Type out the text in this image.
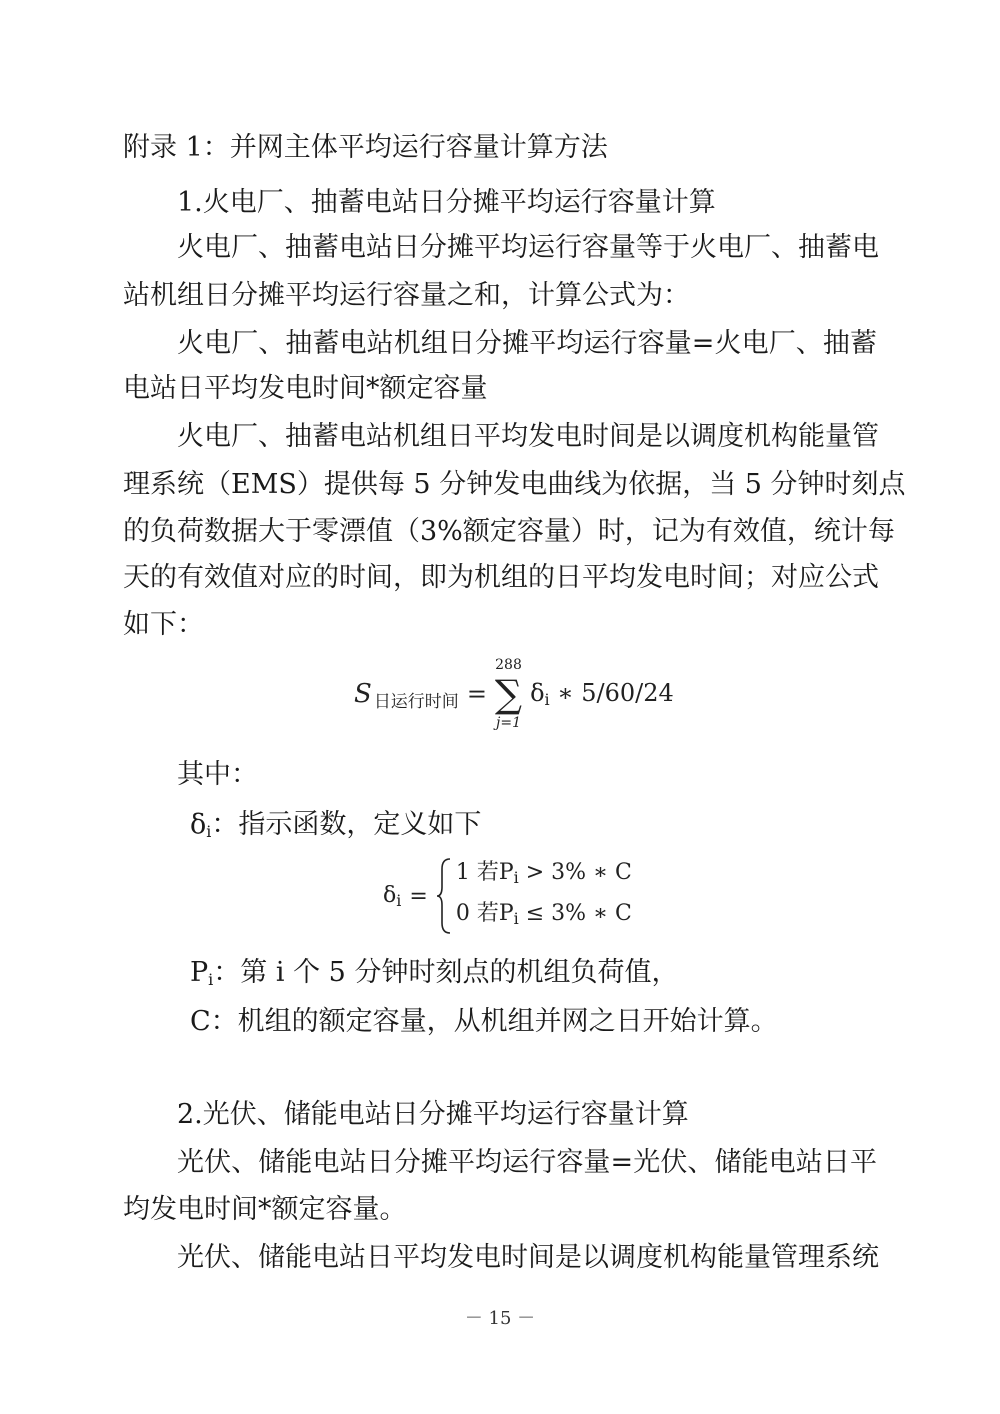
附录 1：并网主体平均运行容量计算方法
1.火电厂、抽蓄电站日分摊平均运行容量计算
火电厂、抽蓄电站日分摊平均运行容量等于火电厂、抽蓄电
站机组日分摊平均运行容量之和，计算公式为：
火电厂、抽蓄电站机组日分摊平均运行容量=火电厂、抽蓄
电站日平均发电时间*额定容量
火电厂、抽蓄电站机组日平均发电时间是以调度机构能量管
理系统（EMS）提供每 5 分钟发电曲线为依据，当 5 分钟时刻点
的负荷数据大于零漂值（3%额定容量）时，记为有效值，统计每
天的有效值对应的时间，即为机组的日平均发电时间；对应公式
如下：
S 日运行时间 =
288
∑
j=1
$\delta_i$ ∗ 5/60/24
其中：
$\delta_i$：指示函数，定义如下
$\delta_i$ =
1 若$P_i > 3\%$ ∗ C
0 若$P_i \le 3\%$ ∗ C
$P_i$：第 i 个 5 分钟时刻点的机组负荷值，
C：机组的额定容量，从机组并网之日开始计算。
2.光伏、储能电站日分摊平均运行容量计算
光伏、储能电站日分摊平均运行容量=光伏、储能电站日平
均发电时间*额定容量。
光伏、储能电站日平均发电时间是以调度机构能量管理系统
－ 15 －
